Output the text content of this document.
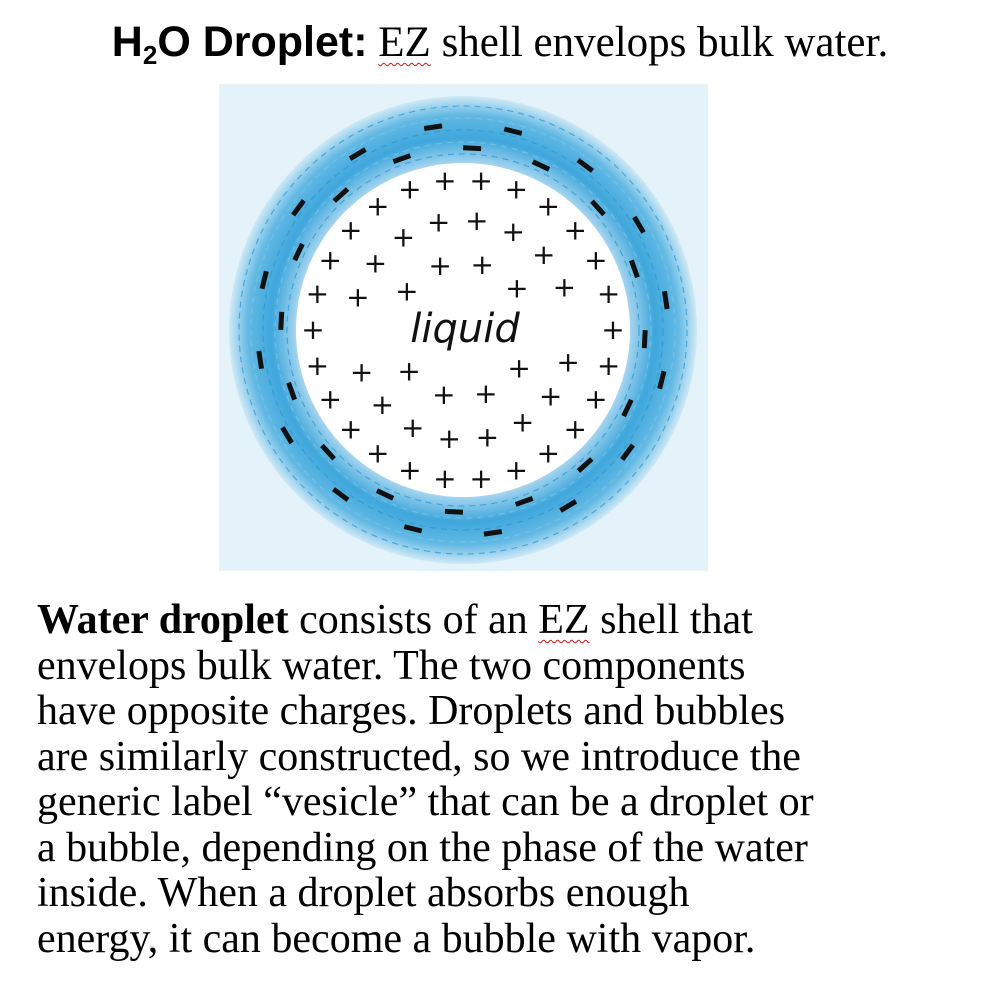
$H_2O$ Droplet: EZ shell envelops bulk water.
+
+
+
+
+
+
+
+
+
+
+
+
+
+
+
+
+
+
+ + + +
+
+
+
+
+
+
+
+
+
+
+
+
+
+
+ + + +
+
+
+
+
+
+
+
+ +
+
liquid

Water droplet consists of an EZ shell that
envelops bulk water. The two components
have opposite charges. Droplets and bubbles
are similarly constructed, so we introduce the
generic label “vesicle” that can be a droplet or
a bubble, depending on the phase of the water
inside. When a droplet absorbs enough
energy, it can become a bubble with vapor.
